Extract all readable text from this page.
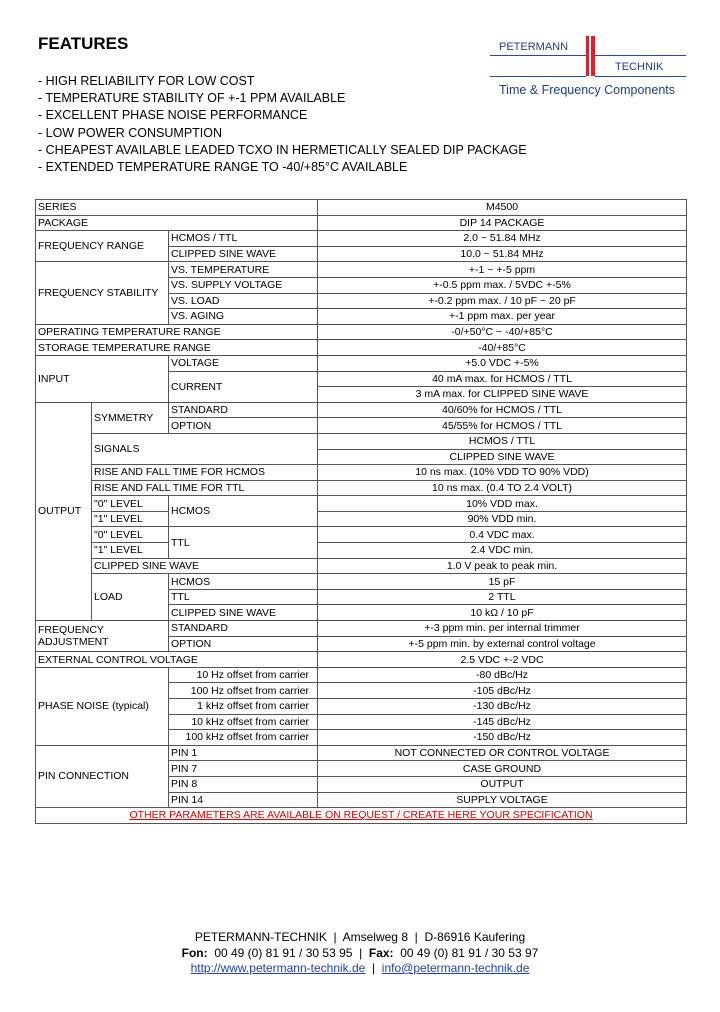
FEATURES	PETERMANN
TECHNIK
Time & Frequency Components
- HIGH RELIABILITY FOR LOW COST
- TEMPERATURE STABILITY OF +-1 PPM AVAILABLE
- EXCELLENT PHASE NOISE PERFORMANCE
- LOW POWER CONSUMPTION
- CHEAPEST AVAILABLE LEADED TCXO IN HERMETICALLY SEALED DIP PACKAGE
- EXTENDED TEMPERATURE RANGE TO -40/+85°C AVAILABLE
SERIES			M4500
PACKAGE			DIP 14 PACKAGE
FREQUENCY RANGE		HCMOS / TTL	2.0 ~ 51.84 MHz
		CLIPPED SINE WAVE	10.0 ~ 51.84 MHz
FREQUENCY STABILITY		VS. TEMPERATURE	+-1 ~ +-5 ppm
		VS. SUPPLY VOLTAGE	+-0.5 ppm max. / 5VDC +-5%
		VS. LOAD	+-0.2 ppm max. / 10 pF ~ 20 pF
		VS. AGING	+-1 ppm max. per year
OPERATING TEMPERATURE RANGE			-0/+50°C ~ -40/+85°C
STORAGE TEMPERATURE RANGE			-40/+85°C
INPUT		VOLTAGE	+5.0 VDC +-5%
		CURRENT	40 mA max. for HCMOS / TTL
			3 mA max. for CLIPPED SINE WAVE
OUTPUT	SYMMETRY	STANDARD	40/60% for HCMOS / TTL
		OPTION	45/55% for HCMOS / TTL
	SIGNALS		HCMOS / TTL
			CLIPPED SINE WAVE
	RISE AND FALL TIME FOR HCMOS		10 ns max. (10% VDD TO 90% VDD)
	RISE AND FALL TIME FOR TTL		10 ns max. (0.4 TO 2.4 VOLT)
	"0" LEVEL	HCMOS	10% VDD max.
	"1" LEVEL		90% VDD min.
	"0" LEVEL	TTL	0.4 VDC max.
	"1" LEVEL		2.4 VDC min.
	CLIPPED SINE WAVE		1.0 V peak to peak min.
	LOAD	HCMOS	15 pF
		TTL	2 TTL
		CLIPPED SINE WAVE	10 kΩ / 10 pF
FREQUENCY ADJUSTMENT		STANDARD	+-3 ppm min. per internal trimmer
		OPTION	+-5 ppm min. by external control voltage
EXTERNAL CONTROL VOLTAGE			2.5 VDC +-2 VDC
PHASE NOISE (typical)		10 Hz offset from carrier	-80 dBc/Hz
		100 Hz offset from carrier	-105 dBc/Hz
		1 kHz offset from carrier	-130 dBc/Hz
		10 kHz offset from carrier	-145 dBc/Hz
		100 kHz offset from carrier	-150 dBc/Hz
PIN CONNECTION		PIN 1	NOT CONNECTED OR CONTROL VOLTAGE
		PIN 7	CASE GROUND
		PIN 8	OUTPUT
		PIN 14	SUPPLY VOLTAGE
OTHER PARAMETERS ARE AVAILABLE ON REQUEST / CREATE HERE YOUR SPECIFICATION			
PETERMANN-TECHNIK  |  Amselweg 8  |  D-86916 Kaufering
Fon: 00 49 (0) 81 91 / 30 53 95  |  Fax: 00 49 (0) 81 91 / 30 53 97
http://www.petermann-technik.de  |  info@petermann-technik.de
